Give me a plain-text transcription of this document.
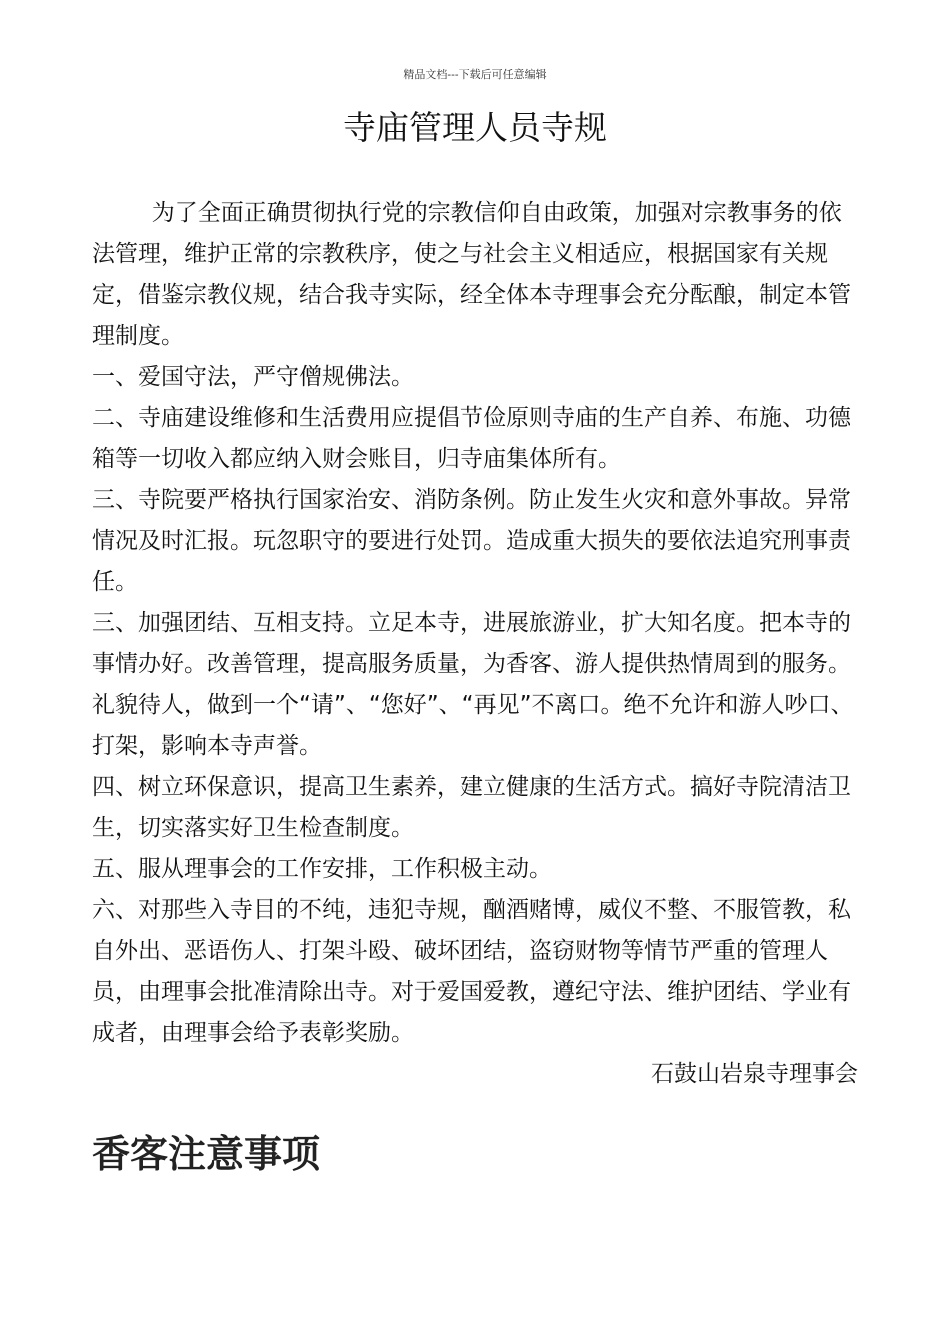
精品文档---下载后可任意编辑
寺庙管理人员寺规

为了全面正确贯彻执行党的宗教信仰自由政策，加强对宗教事务的依法管理，维护正常的宗教秩序，使之与社会主义相适应，根据国家有关规定，借鉴宗教仪规，结合我寺实际，经全体本寺理事会充分酝酿，制定本管理制度。

一、爱国守法，严守僧规佛法。

二、寺庙建设维修和生活费用应提倡节俭原则寺庙的生产自养、布施、功德箱等一切收入都应纳入财会账目，归寺庙集体所有。

三、寺院要严格执行国家治安、消防条例。防止发生火灾和意外事故。异常情况及时汇报。玩忽职守的要进行处罚。造成重大损失的要依法追究刑事责任。

三、加强团结、互相支持。立足本寺，进展旅游业，扩大知名度。把本寺的事情办好。改善管理，提高服务质量，为香客、游人提供热情周到的服务。礼貌待人，做到一个“请”、“您好”、“再见”不离口。绝不允许和游人吵口、打架，影响本寺声誉。

四、树立环保意识，提高卫生素养，建立健康的生活方式。搞好寺院清洁卫生，切实落实好卫生检查制度。

五、服从理事会的工作安排，工作积极主动。

六、对那些入寺目的不纯，违犯寺规，酗酒赌博，威仪不整、不服管教，私自外出、恶语伤人、打架斗殴、破坏团结，盗窃财物等情节严重的管理人员，由理事会批准清除出寺。对于爱国爱教，遵纪守法、维护团结、学业有成者，由理事会给予表彰奖励。

石鼓山岩泉寺理事会
香客注意事项
